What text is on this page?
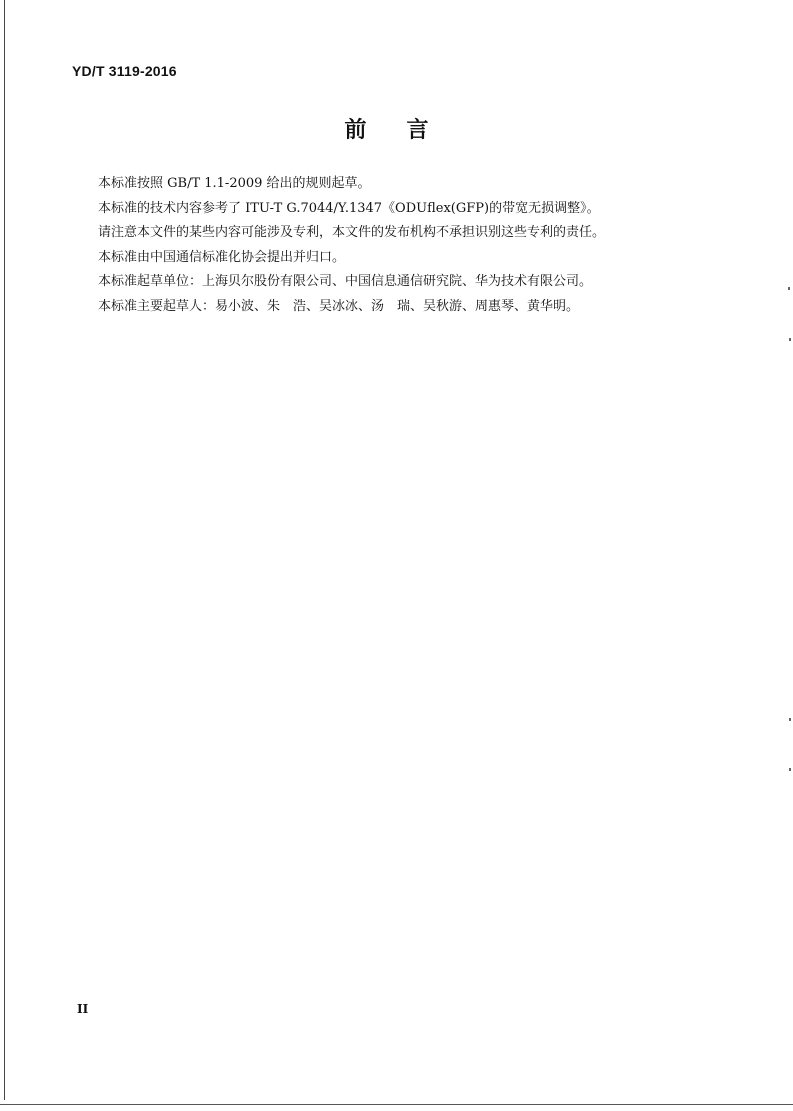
YD/T 3119-2016
前言
本标准按照 GB/T 1.1-2009 给出的规则起草。
本标准的技术内容参考了 ITU-T G.7044/Y.1347《ODUflex(GFP)的带宽无损调整》。
请注意本文件的某些内容可能涉及专利，本文件的发布机构不承担识别这些专利的责任。
本标准由中国通信标准化协会提出并归口。
本标准起草单位：上海贝尔股份有限公司、中国信息通信研究院、华为技术有限公司。
本标准主要起草人：易小波、朱　浩、吴冰冰、汤　瑞、吴秋游、周惠琴、黄华明。
II
